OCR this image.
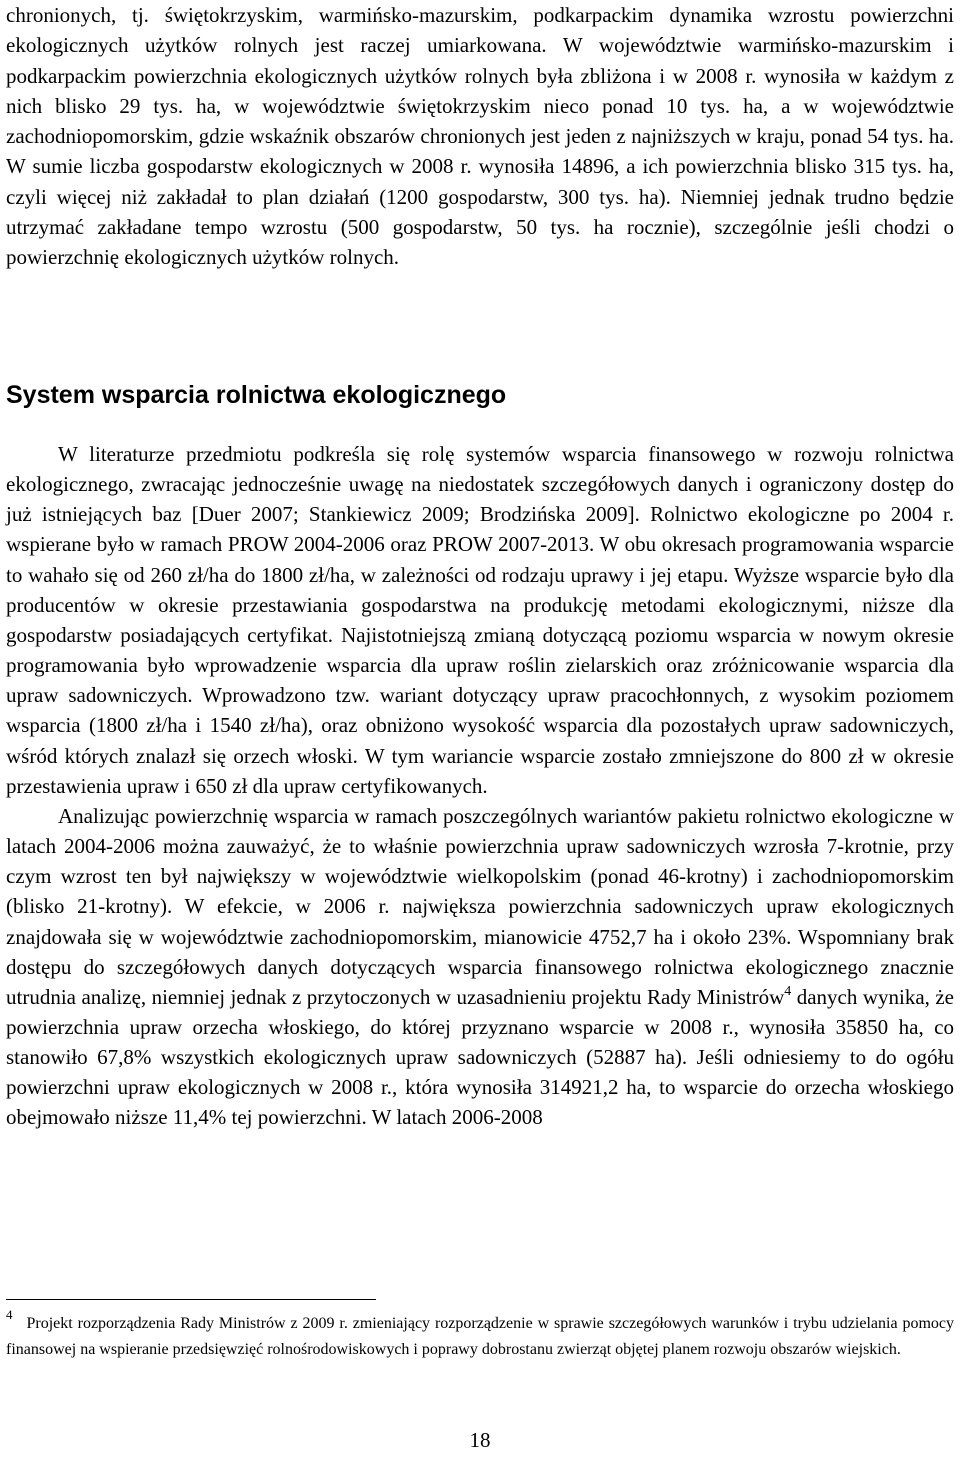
chronionych, tj. świętokrzyskim, warmińsko-mazurskim, podkarpackim dynamika wzrostu powierzchni ekologicznych użytków rolnych jest raczej umiarkowana. W województwie warmińsko-mazurskim i podkarpackim powierzchnia ekologicznych użytków rolnych była zbliżona i w 2008 r. wynosiła w każdym z nich blisko 29 tys. ha, w województwie świętokrzyskim nieco ponad 10 tys. ha, a w województwie zachodniopomorskim, gdzie wskaźnik obszarów chronionych jest jeden z najniższych w kraju, ponad 54 tys. ha. W sumie liczba gospodarstw ekologicznych w 2008 r. wynosiła 14896, a ich powierzchnia blisko 315 tys. ha, czyli więcej niż zakładał to plan działań (1200 gospodarstw, 300 tys. ha). Niemniej jednak trudno będzie utrzymać zakładane tempo wzrostu (500 gospodarstw, 50 tys. ha rocznie), szczególnie jeśli chodzi o powierzchnię ekologicznych użytków rolnych.

System wsparcia rolnictwa ekologicznego

W literaturze przedmiotu podkreśla się rolę systemów wsparcia finansowego w rozwoju rolnictwa ekologicznego, zwracając jednocześnie uwagę na niedostatek szczegółowych danych i ograniczony dostęp do już istniejących baz [Duer 2007; Stankiewicz 2009; Brodzińska 2009]. Rolnictwo ekologiczne po 2004 r. wspierane było w ramach PROW 2004-2006 oraz PROW 2007-2013. W obu okresach programowania wsparcie to wahało się od 260 zł/ha do 1800 zł/ha, w zależności od rodzaju uprawy i jej etapu. Wyższe wsparcie było dla producentów w okresie przestawiania gospodarstwa na produkcję metodami ekologicznymi, niższe dla gospodarstw posiadających certyfikat. Najistotniejszą zmianą dotyczącą poziomu wsparcia w nowym okresie programowania było wprowadzenie wsparcia dla upraw roślin zielarskich oraz zróżnicowanie wsparcia dla upraw sadowniczych. Wprowadzono tzw. wariant dotyczący upraw pracochłonnych, z wysokim poziomem wsparcia (1800 zł/ha i 1540 zł/ha), oraz obniżono wysokość wsparcia dla pozostałych upraw sadowniczych, wśród których znalazł się orzech włoski. W tym wariancie wsparcie zostało zmniejszone do 800 zł w okresie przestawienia upraw i 650 zł dla upraw certyfikowanych.

Analizując powierzchnię wsparcia w ramach poszczególnych wariantów pakietu rolnictwo ekologiczne w latach 2004-2006 można zauważyć, że to właśnie powierzchnia upraw sadowniczych wzrosła 7-krotnie, przy czym wzrost ten był największy w województwie wielkopolskim (ponad 46-krotny) i zachodniopomorskim (blisko 21-krotny). W efekcie, w 2006 r. największa powierzchnia sadowniczych upraw ekologicznych znajdowała się w województwie zachodniopomorskim, mianowicie 4752,7 ha i około 23%. Wspomniany brak dostępu do szczegółowych danych dotyczących wsparcia finansowego rolnictwa ekologicznego znacznie utrudnia analizę, niemniej jednak z przytoczonych w uzasadnieniu projektu Rady Ministrów$^4$ danych wynika, że powierzchnia upraw orzecha włoskiego, do której przyznano wsparcie w 2008 r., wynosiła 35850 ha, co stanowiło 67,8% wszystkich ekologicznych upraw sadowniczych (52887 ha). Jeśli odniesiemy to do ogółu powierzchni upraw ekologicznych w 2008 r., która wynosiła 314921,2 ha, to wsparcie do orzecha włoskiego obejmowało niższe 11,4% tej powierzchni. W latach 2006-2008

$^4$Projekt rozporządzenia Rady Ministrów z 2009 r. zmieniający rozporządzenie w sprawie szczegółowych warunków i trybu udzielania pomocy finansowej na wspieranie przedsięwzięć rolnośrodowiskowych i poprawy dobrostanu zwierząt objętej planem rozwoju obszarów wiejskich.
18
